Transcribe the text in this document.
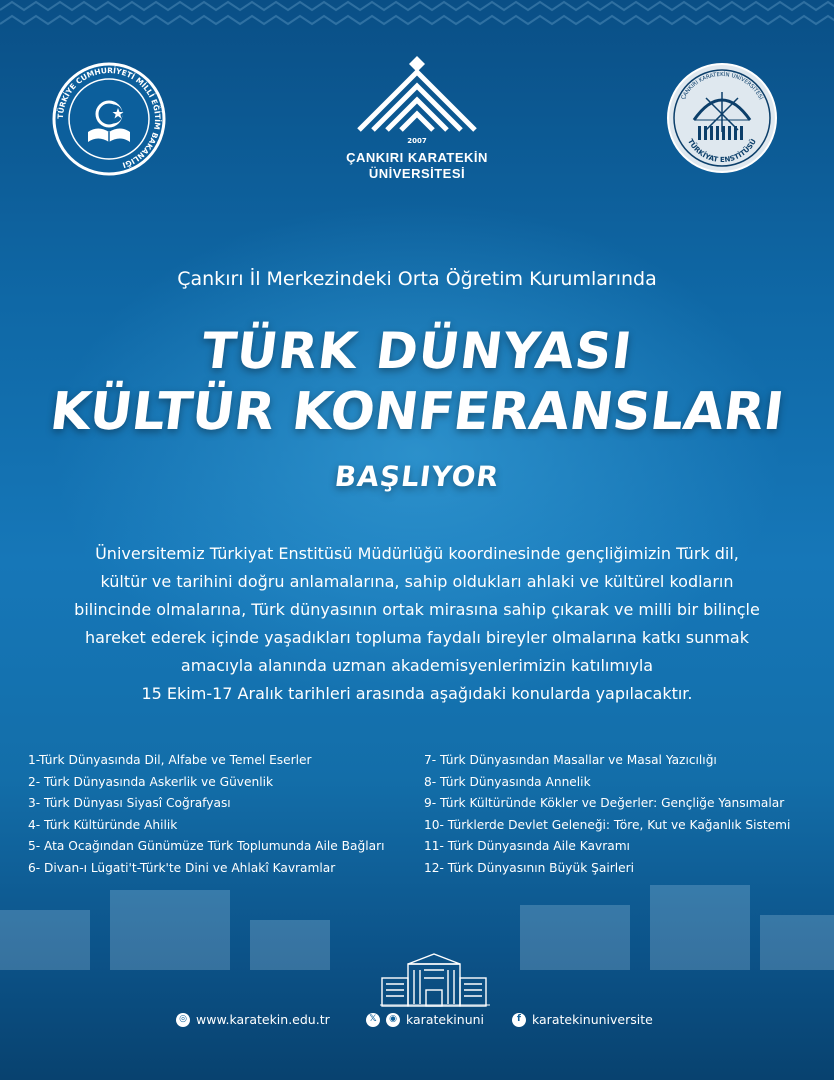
TÜRKİYE CUMHURİYETİ MİLLİ EĞİTİM BAKANLIĞI
2007
ÇANKIRI KARATEKİN
ÜNİVERSİTESİ
ÇANKIRI KARATEKİN ÜNİVERSİTESİ
TÜRKİYAT ENSTİTÜSÜ
Çankırı İl Merkezindeki Orta Öğretim Kurumlarında
TÜRK DÜNYASI
KÜLTÜR KONFERANSLARI
BAŞLIYOR
Üniversitemiz Türkiyat Enstitüsü Müdürlüğü koordinesinde gençliğimizin Türk dil,
kültür ve tarihini doğru anlamalarına, sahip oldukları ahlaki ve kültürel kodların
bilincinde olmalarına, Türk dünyasının ortak mirasına sahip çıkarak ve milli bir bilinçle
hareket ederek içinde yaşadıkları topluma faydalı bireyler olmalarına katkı sunmak
amacıyla alanında uzman akademisyenlerimizin katılımıyla
15 Ekim-17 Aralık tarihleri arasında aşağıdaki konularda yapılacaktır.
1-Türk Dünyasında Dil, Alfabe ve Temel Eserler
2- Türk Dünyasında Askerlik ve Güvenlik
3- Türk Dünyası Siyasî Coğrafyası
4- Türk Kültüründe Ahilik
5- Ata Ocağından Günümüze Türk Toplumunda Aile Bağları
6- Divan-ı Lügati't-Türk'te Dini ve Ahlakî Kavramlar
7- Türk Dünyasından Masallar ve Masal Yazıcılığı
8- Türk Dünyasında Annelik
9- Türk Kültüründe Kökler ve Değerler: Gençliğe Yansımalar
10- Türklerde Devlet Geleneği: Töre, Kut ve Kağanlık Sistemi
11- Türk Dünyasında Aile Kavramı
12- Türk Dünyasının Büyük Şairleri
◎ www.karatekin.edu.tr	𝕏	◉ karatekinuni	f karatekinuniversite
